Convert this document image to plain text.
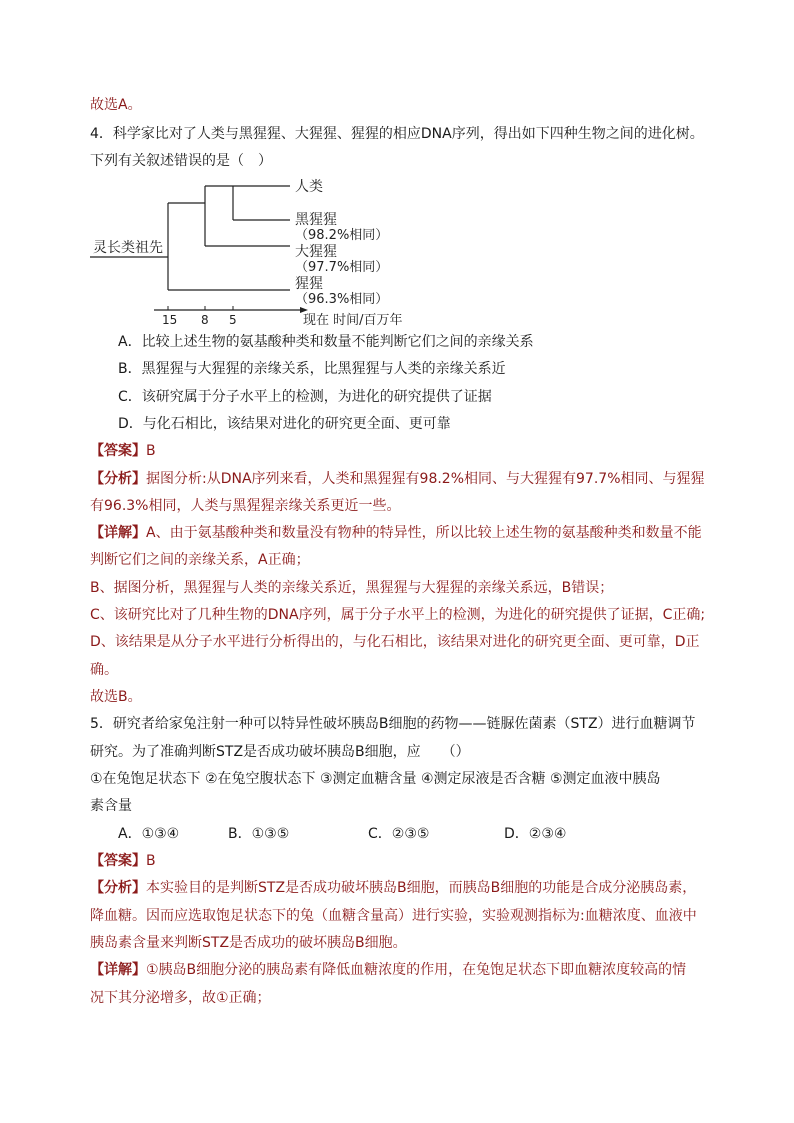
故选A。
4．科学家比对了人类与黑猩猩、大猩猩、猩猩的相应DNA序列，得出如下四种生物之间的进化树。
下列有关叙述错误的是（　）
灵长类祖先
人类
黑猩猩
（98.2%相同）
大猩猩
（97.7%相同）
猩猩
（96.3%相同）
15 8 5	现在 时间/百万年
A．比较上述生物的氨基酸种类和数量不能判断它们之间的亲缘关系
B．黑猩猩与大猩猩的亲缘关系，比黑猩猩与人类的亲缘关系近
C．该研究属于分子水平上的检测，为进化的研究提供了证据
D．与化石相比，该结果对进化的研究更全面、更可靠
【答案】B
【分析】据图分析:从DNA序列来看，人类和黑猩猩有98.2%相同、与大猩猩有97.7%相同、与猩猩
有96.3%相同，人类与黑猩猩亲缘关系更近一些。
【详解】A、由于氨基酸种类和数量没有物种的特异性，所以比较上述生物的氨基酸种类和数量不能
判断它们之间的亲缘关系，A正确；
B、据图分析，黑猩猩与人类的亲缘关系近，黑猩猩与大猩猩的亲缘关系远，B错误；
C、该研究比对了几种生物的DNA序列，属于分子水平上的检测，为进化的研究提供了证据，C正确;
D、该结果是从分子水平进行分析得出的，与化石相比，该结果对进化的研究更全面、更可靠，D正
确。
故选B。
5．研究者给家兔注射一种可以特异性破坏胰岛B细胞的药物——链脲佐菌素（STZ）进行血糖调节
研究。为了准确判断STZ是否成功破坏胰岛B细胞，应　　（）
①在兔饱足状态下 ②在兔空腹状态下 ③测定血糖含量 ④测定尿液是否含糖 ⑤测定血液中胰岛
素含量
A．①③④	B．①③⑤	C．②③⑤	D．②③④
【答案】B
【分析】本实验目的是判断STZ是否成功破坏胰岛B细胞，而胰岛B细胞的功能是合成分泌胰岛素，
降血糖。因而应选取饱足状态下的兔（血糖含量高）进行实验，实验观测指标为:血糖浓度、血液中
胰岛素含量来判断STZ是否成功的破坏胰岛B细胞。
【详解】①胰岛B细胞分泌的胰岛素有降低血糖浓度的作用，在兔饱足状态下即血糖浓度较高的情
况下其分泌增多，故①正确；
